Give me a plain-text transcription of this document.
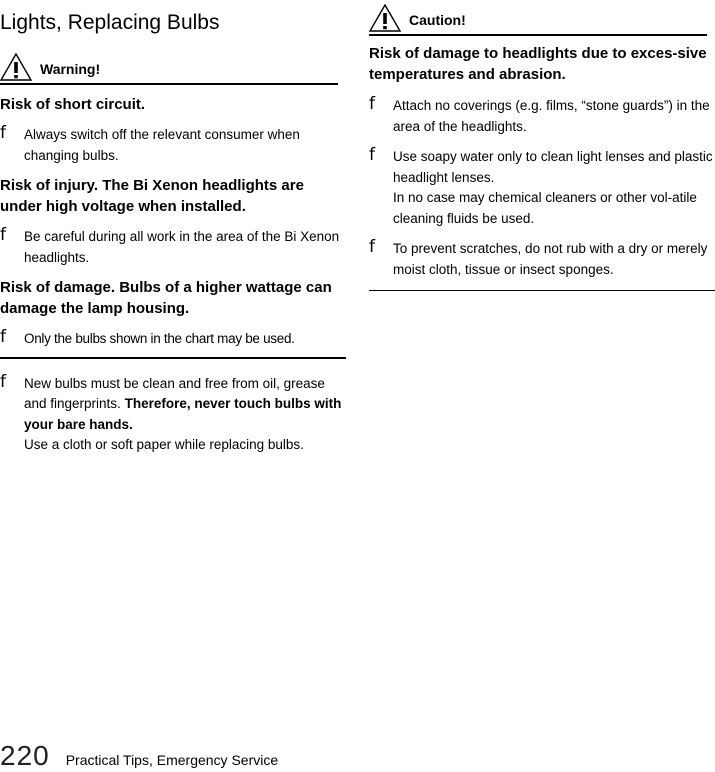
Lights, Replacing Bulbs
Warning!

Risk of short circuit.

f Always switch off the relevant consumer when changing bulbs.

Risk of injury. The Bi Xenon headlights are under high voltage when installed.

f Be careful during all work in the area of the Bi Xenon headlights.

Risk of damage. Bulbs of a higher wattage can damage the lamp housing.

f Only the bulbs shown in the chart may be used.

f New bulbs must be clean and free from oil, grease and fingerprints. Therefore, never touch bulbs with your bare hands.

Use a cloth or soft paper while replacing bulbs.

Caution!

Risk of damage to headlights due to exces-sive temperatures and abrasion.

f Attach no coverings (e.g. films, “stone guards”) in the area of the headlights.

f Use soapy water only to clean light lenses and plastic headlight lenses.

In no case may chemical cleaners or other vol-atile cleaning fluids be used.

f To prevent scratches, do not rub with a dry or merely moist cloth, tissue or insect sponges.

220 Practical Tips, Emergency Service
